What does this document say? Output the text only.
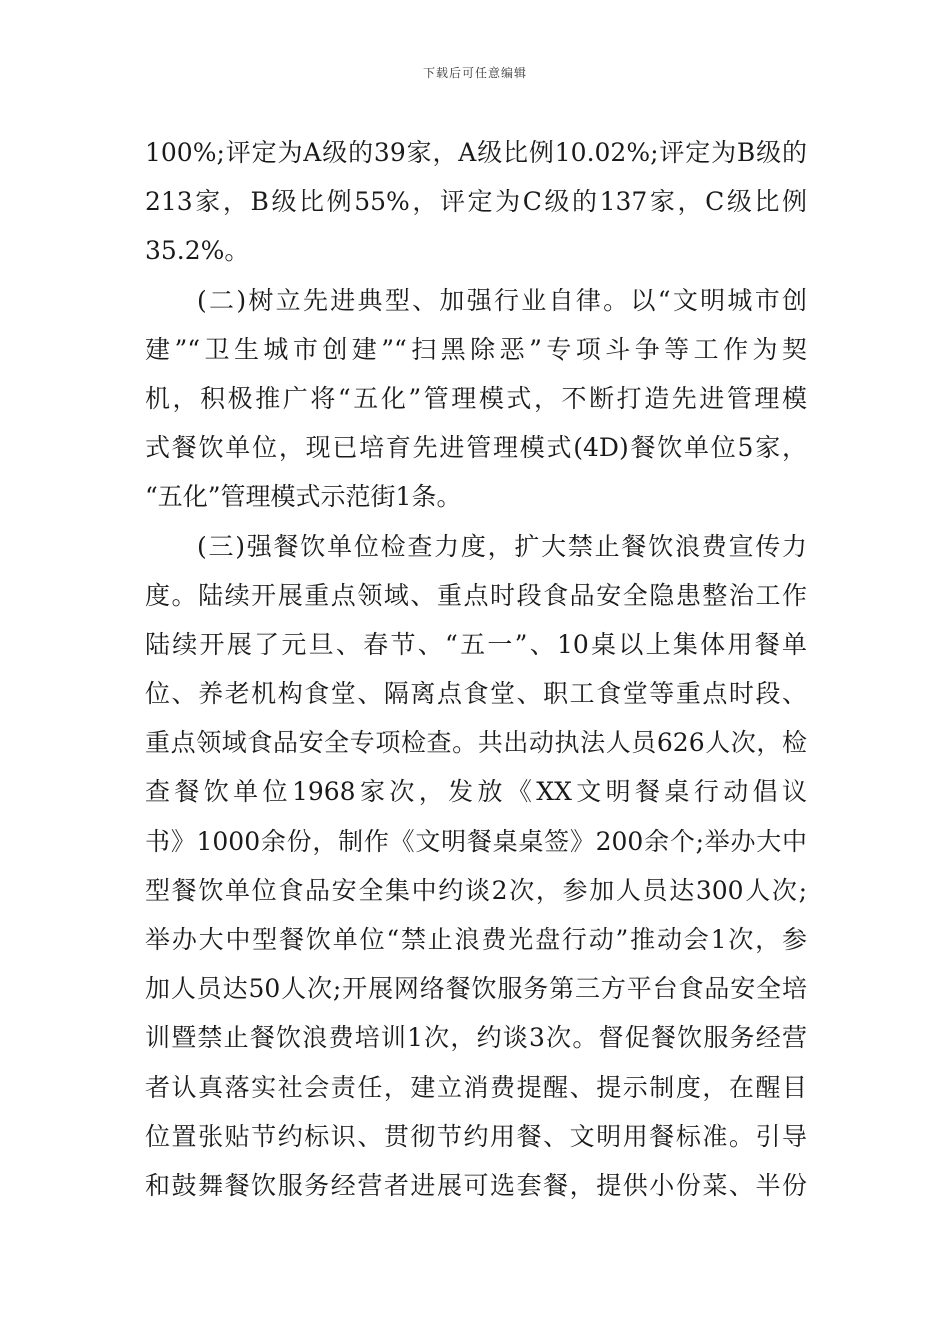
下载后可任意编辑
100%;评定为A级的39家，A级比例10.02%;评定为B级的
213家，B级比例55%，评定为C级的137家，C级比例
35.2%。
(二)树立先进典型、加强行业自律。以“文明城市创
建”“卫生城市创建”“扫黑除恶”专项斗争等工作为契
机，积极推广将“五化”管理模式，不断打造先进管理模
式餐饮单位，现已培育先进管理模式(4D)餐饮单位5家，
“五化”管理模式示范街1条。
(三)强餐饮单位检查力度，扩大禁止餐饮浪费宣传力
度。陆续开展重点领域、重点时段食品安全隐患整治工作
陆续开展了元旦、春节、“五一”、10桌以上集体用餐单
位、养老机构食堂、隔离点食堂、职工食堂等重点时段、
重点领域食品安全专项检查。共出动执法人员626人次，检
查餐饮单位1968家次，发放《XX文明餐桌行动倡议
书》1000余份，制作《文明餐桌桌签》200余个;举办大中
型餐饮单位食品安全集中约谈2次，参加人员达300人次;
举办大中型餐饮单位“禁止浪费光盘行动”推动会1次，参
加人员达50人次;开展网络餐饮服务第三方平台食品安全培
训暨禁止餐饮浪费培训1次，约谈3次。督促餐饮服务经营
者认真落实社会责任，建立消费提醒、提示制度，在醒目
位置张贴节约标识、贯彻节约用餐、文明用餐标准。引导
和鼓舞餐饮服务经营者进展可选套餐，提供小份菜、半份
